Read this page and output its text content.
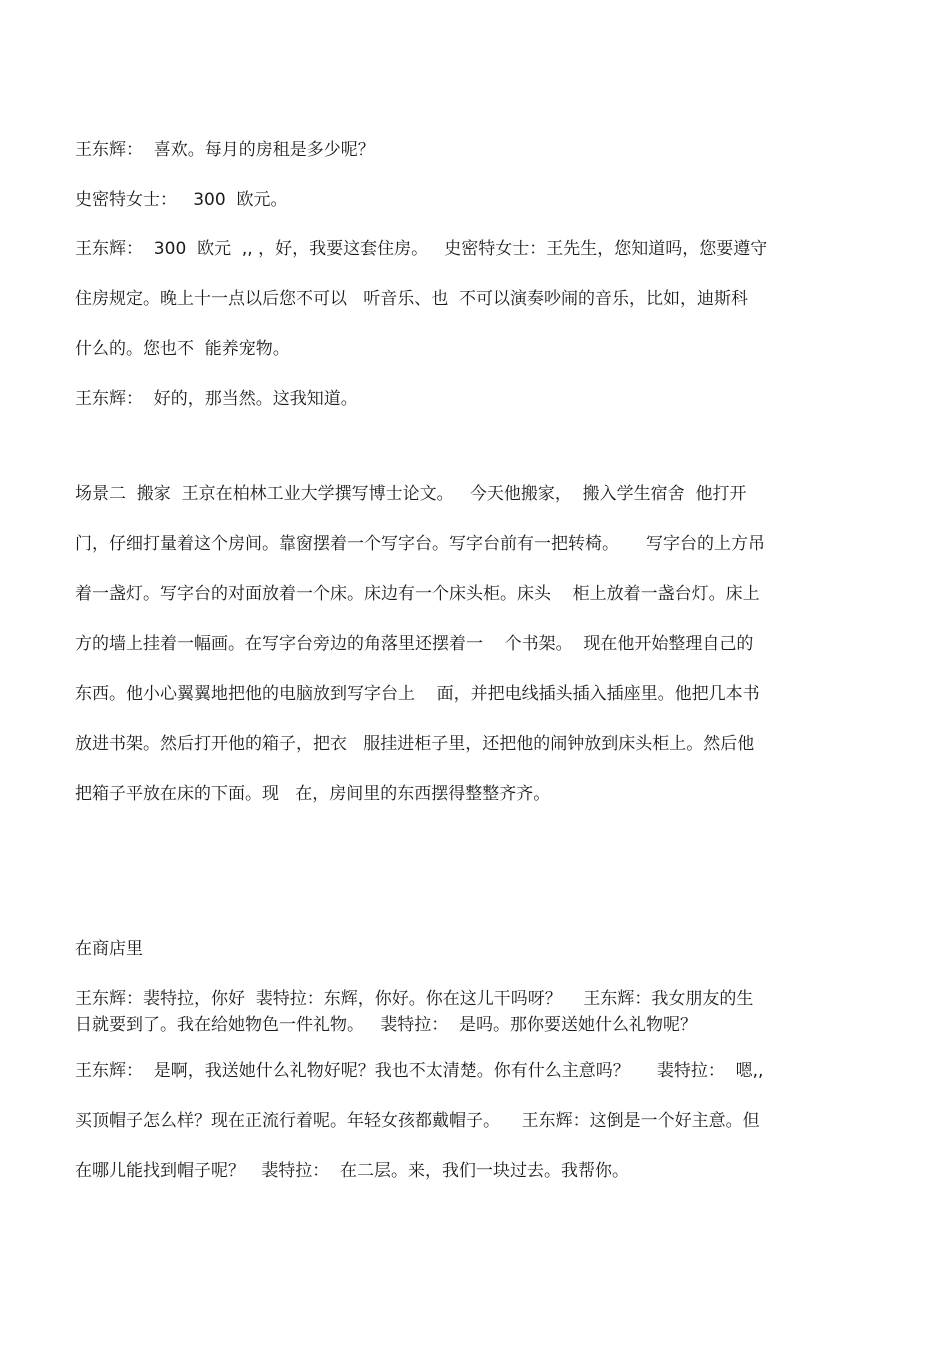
王东辉：  喜欢。每月的房租是多少呢？

史密特女士：   300  欧元。

王东辉：  300  欧元  ,, ，好，我要这套住房。   史密特女士：王先生，您知道吗，您要遵守

住房规定。晚上十一点以后您不可以   听音乐、也  不可以演奏吵闹的音乐，比如，迪斯科

什么的。您也不  能养宠物。

王东辉：  好的，那当然。这我知道。

场景二  搬家  王京在柏林工业大学撰写博士论文。   今天他搬家，  搬入学生宿舍  他打开

门，仔细打量着这个房间。靠窗摆着一个写字台。写字台前有一把转椅。     写字台的上方吊

着一盏灯。写字台的对面放着一个床。床边有一个床头柜。床头    柜上放着一盏台灯。床上

方的墙上挂着一幅画。在写字台旁边的角落里还摆着一    个书架。  现在他开始整理自己的

东西。他小心翼翼地把他的电脑放到写字台上    面，并把电线插头插入插座里。他把几本书

放进书架。然后打开他的箱子，把衣   服挂进柜子里，还把他的闹钟放到床头柜上。然后他

把箱子平放在床的下面。现   在，房间里的东西摆得整整齐齐。

在商店里

王东辉：裴特拉，你好  裴特拉：东辉，你好。你在这儿干吗呀？    王东辉：我女朋友的生

日就要到了。我在给她物色一件礼物。   裴特拉：  是吗。那你要送她什么礼物呢？

王东辉：  是啊，我送她什么礼物好呢？我也不太清楚。你有什么主意吗？     裴特拉：  嗯,,

买顶帽子怎么样？现在正流行着呢。年轻女孩都戴帽子。    王东辉：这倒是一个好主意。但

在哪儿能找到帽子呢？   裴特拉：  在二层。来，我们一块过去。我帮你。
